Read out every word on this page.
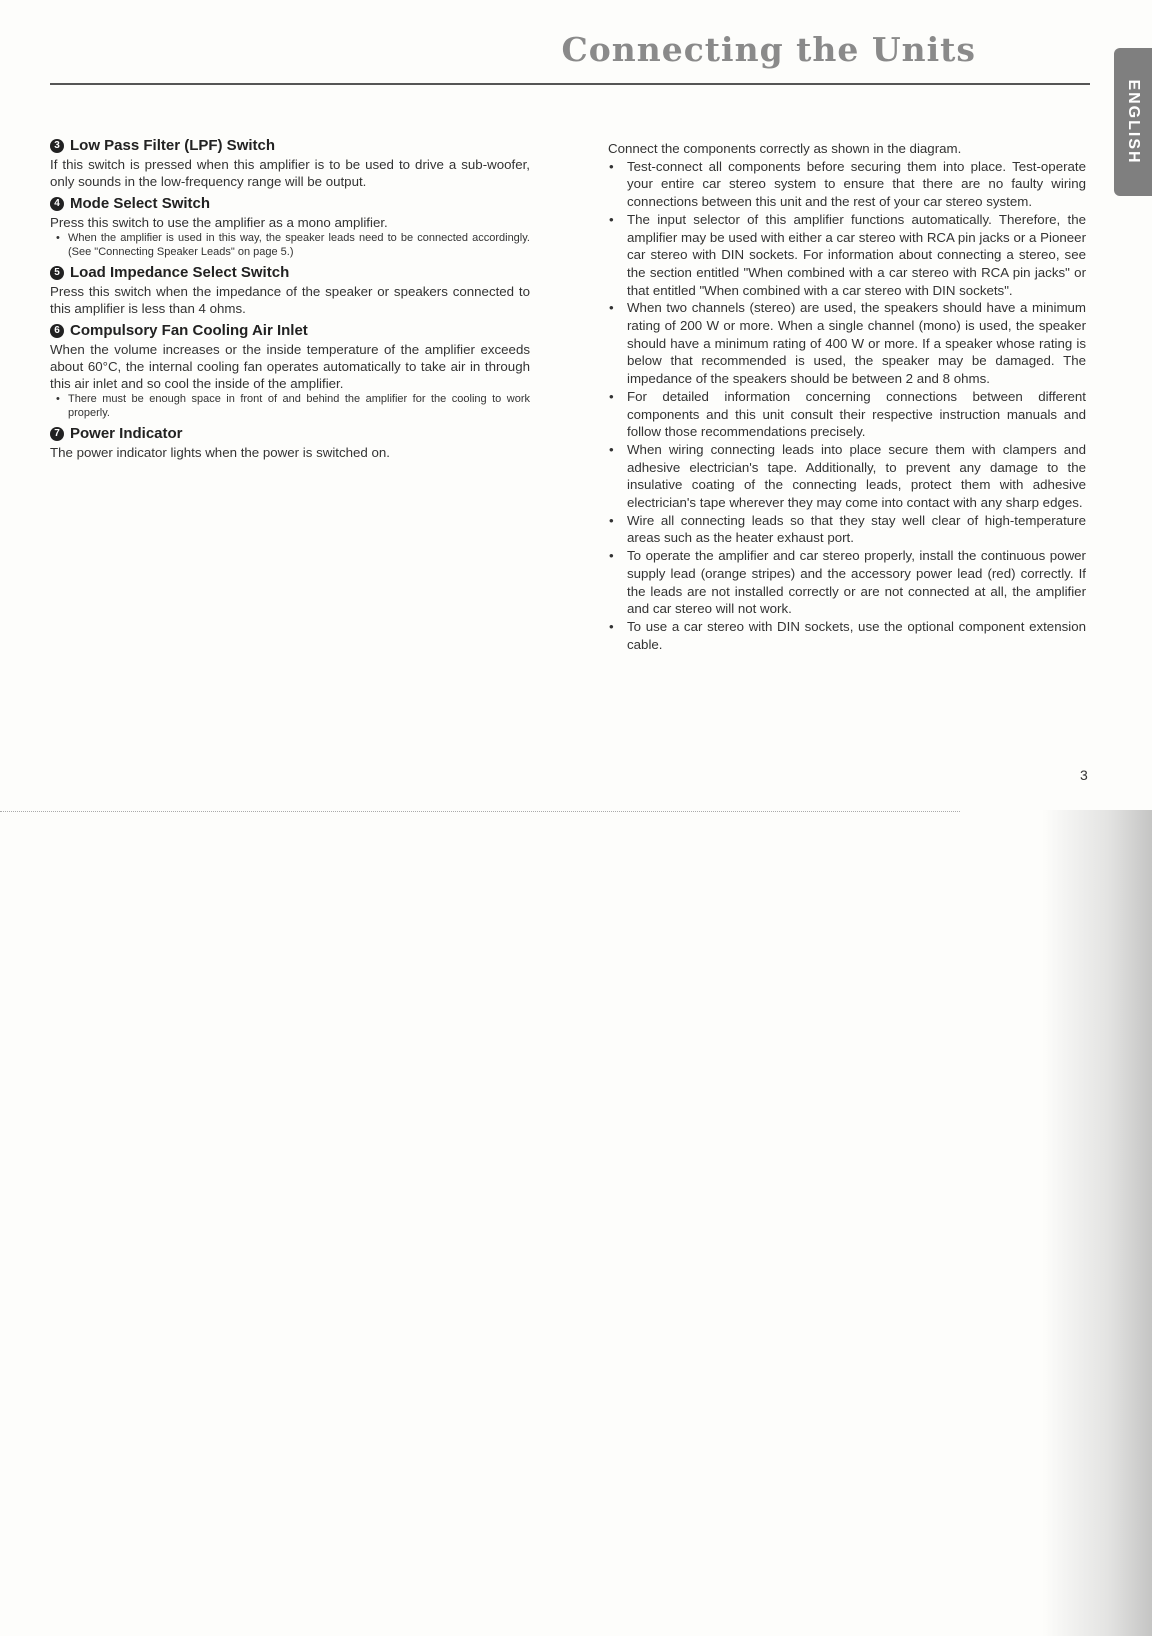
Connecting the Units
ENGLISH
3 Low Pass Filter (LPF) Switch

If this switch is pressed when this amplifier is to be used to drive a sub-woofer, only sounds in the low-frequency range will be output.

4 Mode Select Switch

Press this switch to use the amplifier as a mono amplifier.

• When the amplifier is used in this way, the speaker leads need to be connected accordingly. (See "Connecting Speaker Leads" on page 5.)

5 Load Impedance Select Switch

Press this switch when the impedance of the speaker or speakers connected to this amplifier is less than 4 ohms.

6 Compulsory Fan Cooling Air Inlet

When the volume increases or the inside temperature of the amplifier exceeds about 60°C, the internal cooling fan operates automatically to take air in through this air inlet and so cool the inside of the amplifier.

• There must be enough space in front of and behind the amplifier for the cooling to work properly.

7 Power Indicator

The power indicator lights when the power is switched on.

Connect the components correctly as shown in the diagram.

• Test-connect all components before securing them into place. Test-operate your entire car stereo system to ensure that there are no faulty wiring connections between this unit and the rest of your car stereo system.
• The input selector of this amplifier functions automatically. Therefore, the amplifier may be used with either a car stereo with RCA pin jacks or a Pioneer car stereo with DIN sockets. For information about connecting a stereo, see the section entitled "When combined with a car stereo with RCA pin jacks" or that entitled "When combined with a car stereo with DIN sockets".
• When two channels (stereo) are used, the speakers should have a minimum rating of 200 W or more. When a single channel (mono) is used, the speaker should have a minimum rating of 400 W or more. If a speaker whose rating is below that recommended is used, the speaker may be damaged. The impedance of the speakers should be between 2 and 8 ohms.
• For detailed information concerning connections between different components and this unit consult their respective instruction manuals and follow those recommendations precisely.
• When wiring connecting leads into place secure them with clampers and adhesive electrician's tape. Additionally, to prevent any damage to the insulative coating of the connecting leads, protect them with adhesive electrician's tape wherever they may come into contact with any sharp edges.
• Wire all connecting leads so that they stay well clear of high-temperature areas such as the heater exhaust port.
• To operate the amplifier and car stereo properly, install the continuous power supply lead (orange stripes) and the accessory power lead (red) correctly. If the leads are not installed correctly or are not connected at all, the amplifier and car stereo will not work.
• To use a car stereo with DIN sockets, use the optional component extension cable.
3
